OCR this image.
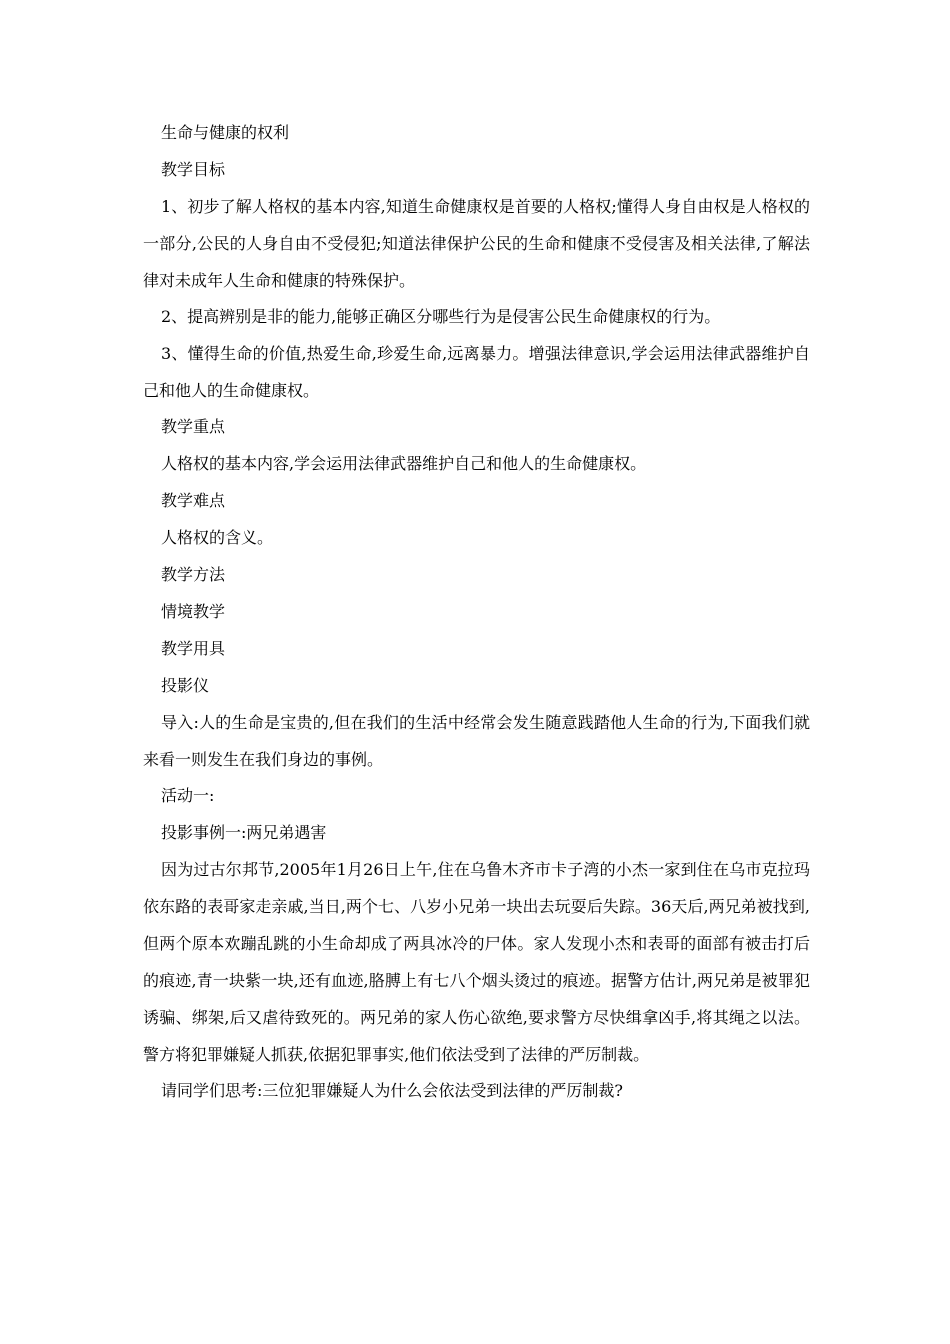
生命与健康的权利

教学目标

1、初步了解人格权的基本内容,知道生命健康权是首要的人格权;懂得人身自由权是人格权的一部分,公民的人身自由不受侵犯;知道法律保护公民的生命和健康不受侵害及相关法律,了解法律对未成年人生命和健康的特殊保护。

2、提高辨别是非的能力,能够正确区分哪些行为是侵害公民生命健康权的行为。

3、懂得生命的价值,热爱生命,珍爱生命,远离暴力。增强法律意识,学会运用法律武器维护自己和他人的生命健康权。

教学重点

人格权的基本内容,学会运用法律武器维护自己和他人的生命健康权。

教学难点

人格权的含义。

教学方法

情境教学

教学用具

投影仪

导入:人的生命是宝贵的,但在我们的生活中经常会发生随意践踏他人生命的行为,下面我们就来看一则发生在我们身边的事例。

活动一:

投影事例一:两兄弟遇害

因为过古尔邦节,2005年1月26日上午,住在乌鲁木齐市卡子湾的小杰一家到住在乌市克拉玛依东路的表哥家走亲戚,当日,两个七、八岁小兄弟一块出去玩耍后失踪。36天后,两兄弟被找到,但两个原本欢蹦乱跳的小生命却成了两具冰冷的尸体。家人发现小杰和表哥的面部有被击打后的痕迹,青一块紫一块,还有血迹,胳膊上有七八个烟头烫过的痕迹。据警方估计,两兄弟是被罪犯诱骗、绑架,后又虐待致死的。两兄弟的家人伤心欲绝,要求警方尽快缉拿凶手,将其绳之以法。警方将犯罪嫌疑人抓获,依据犯罪事实,他们依法受到了法律的严厉制裁。

请同学们思考:三位犯罪嫌疑人为什么会依法受到法律的严厉制裁?
